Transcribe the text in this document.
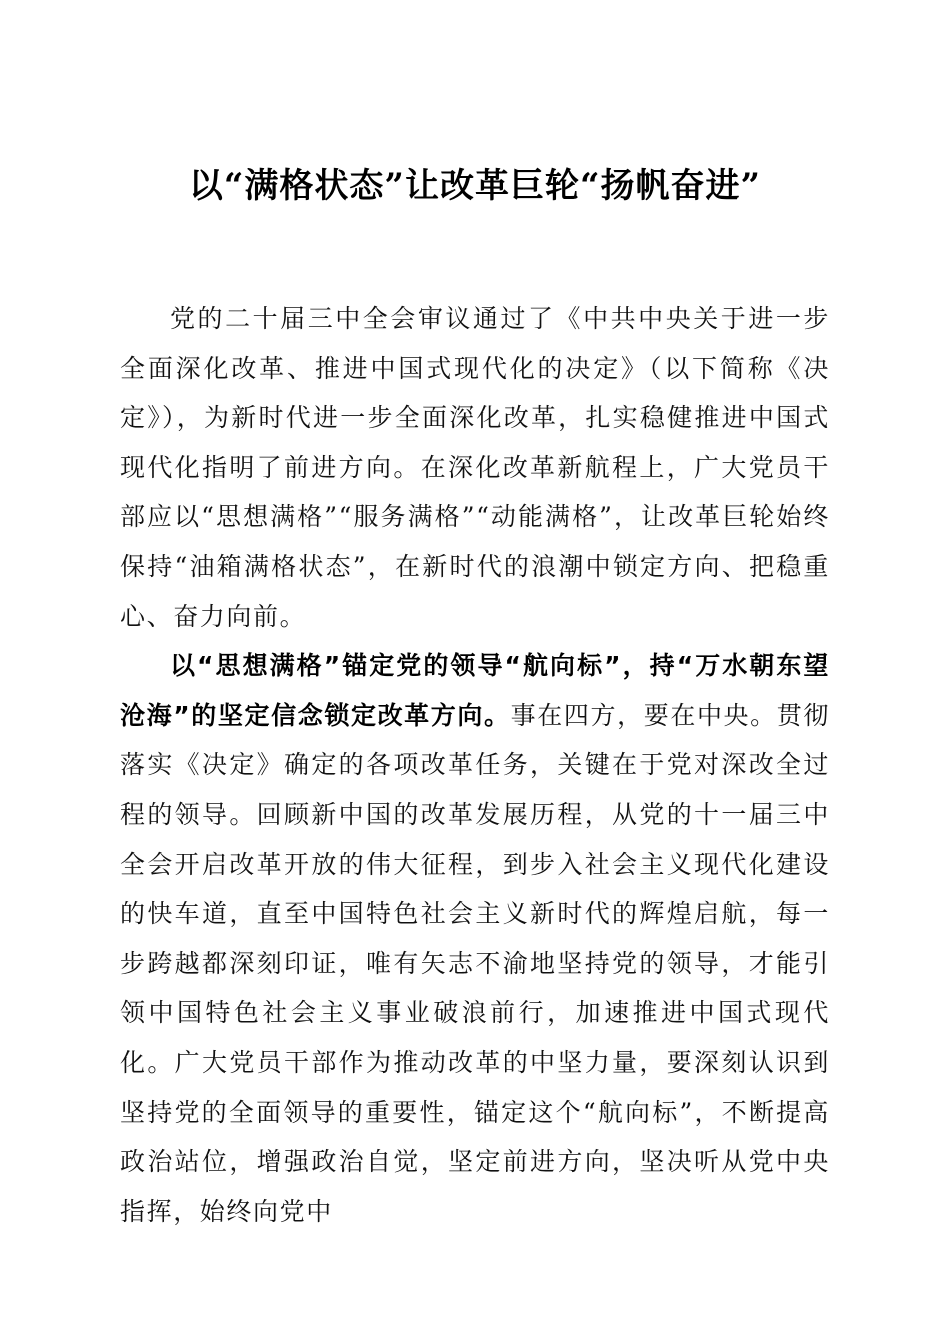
以“满格状态”让改革巨轮“扬帆奋进”

党的二十届三中全会审议通过了《中共中央关于进一步全面深化改革、推进中国式现代化的决定》（以下简称《决定》），为新时代进一步全面深化改革，扎实稳健推进中国式现代化指明了前进方向。在深化改革新航程上，广大党员干部应以“思想满格”“服务满格”“动能满格”，让改革巨轮始终保持“油箱满格状态”，在新时代的浪潮中锁定方向、把稳重心、奋力向前。

以“思想满格”锚定党的领导“航向标”，持“万水朝东望沧海”的坚定信念锁定改革方向。事在四方，要在中央。贯彻落实《决定》确定的各项改革任务，关键在于党对深改全过程的领导。回顾新中国的改革发展历程，从党的十一届三中全会开启改革开放的伟大征程，到步入社会主义现代化建设的快车道，直至中国特色社会主义新时代的辉煌启航，每一步跨越都深刻印证，唯有矢志不渝地坚持党的领导，才能引领中国特色社会主义事业破浪前行，加速推进中国式现代化。广大党员干部作为推动改革的中坚力量，要深刻认识到坚持党的全面领导的重要性，锚定这个“航向标”，不断提高政治站位，增强政治自觉，坚定前进方向，坚决听从党中央指挥，始终向党中
